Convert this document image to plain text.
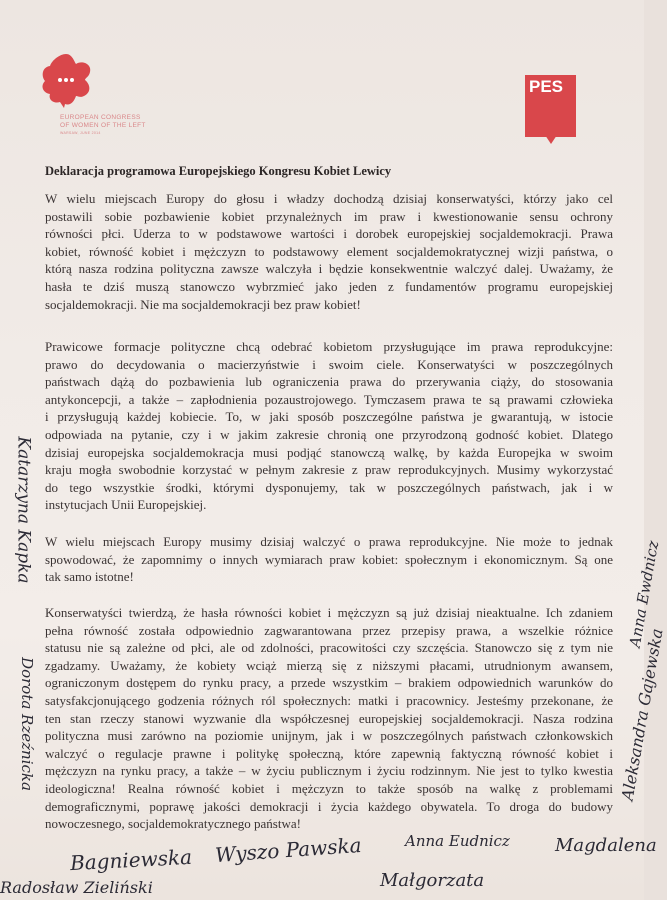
EUROPEAN CONGRESS
OF WOMEN OF THE LEFT
WARSAW, JUNE 2014
PES
Deklaracja programowa Europejskiego Kongresu Kobiet Lewicy
W wielu miejscach Europy do głosu i władzy dochodzą dzisiaj konserwatyści, którzy jako cel
postawili sobie pozbawienie kobiet przynależnych im praw i kwestionowanie sensu ochrony
równości płci. Uderza to w podstawowe wartości i dorobek europejskiej socjaldemokracji. Prawa
kobiet, równość kobiet i mężczyzn to podstawowy element socjaldemokratycznej wizji państwa, o
którą nasza rodzina polityczna zawsze walczyła i będzie konsekwentnie walczyć dalej. Uważamy, że
hasła te dziś muszą stanowczo wybrzmieć jako jeden z fundamentów programu europejskiej
socjaldemokracji. Nie ma socjaldemokracji bez praw kobiet!
Prawicowe formacje polityczne chcą odebrać kobietom przysługujące im prawa reprodukcyjne:
prawo do decydowania o macierzyństwie i swoim ciele. Konserwatyści w poszczególnych
państwach dążą do pozbawienia lub ograniczenia prawa do przerywania ciąży, do stosowania
antykoncepcji, a także – zapłodnienia pozaustrojowego. Tymczasem prawa te są prawami człowieka
i przysługują każdej kobiecie. To, w jaki sposób poszczególne państwa je gwarantują, w istocie
odpowiada na pytanie, czy i w jakim zakresie chronią one przyrodzoną godność kobiet. Dlatego
dzisiaj europejska socjaldemokracja musi podjąć stanowczą walkę, by każda Europejka w swoim
kraju mogła swobodnie korzystać w pełnym zakresie z praw reprodukcyjnych. Musimy wykorzystać
do tego wszystkie środki, którymi dysponujemy, tak w poszczególnych państwach, jak i w
instytucjach Unii Europejskiej.
W wielu miejscach Europy musimy dzisiaj walczyć o prawa reprodukcyjne. Nie może to jednak
spowodować, że zapomnimy o innych wymiarach praw kobiet: społecznym i ekonomicznym. Są one
tak samo istotne!
Konserwatyści twierdzą, że hasła równości kobiet i mężczyzn są już dzisiaj nieaktualne. Ich zdaniem
pełna równość została odpowiednio zagwarantowana przez przepisy prawa, a wszelkie różnice
statusu nie są zależne od płci, ale od zdolności, pracowitości czy szczęścia. Stanowczo się z tym nie
zgadzamy. Uważamy, że kobiety wciąż mierzą się z niższymi płacami, utrudnionym awansem,
ograniczonym dostępem do rynku pracy, a przede wszystkim – brakiem odpowiednich warunków do
satysfakcjonującego godzenia różnych ról społecznych: matki i pracownicy. Jesteśmy przekonane, że
ten stan rzeczy stanowi wyzwanie dla współczesnej europejskiej socjaldemokracji. Nasza rodzina
polityczna musi zarówno na poziomie unijnym, jak i w poszczególnych państwach członkowskich
walczyć o regulacje prawne i politykę społeczną, które zapewnią faktyczną równość kobiet i
mężczyzn na rynku pracy, a także – w życiu publicznym i życiu rodzinnym. Nie jest to tylko kwestia
ideologiczna! Realna równość kobiet i mężczyzn to także sposób na walkę z problemami
demograficznymi, poprawę jakości demokracji i życia każdego obywatela. To droga do budowy
nowoczesnego, socjaldemokratycznego państwa!
Katarzyna Kapka
Dorota Rzeźnicka	Aleksandra Gajewska
Anna Ewdnicz
Bagniewska Wyszo Pawska	Anna Eudnicz	Magdalena
Radosław Zieliński	Małgorzata
